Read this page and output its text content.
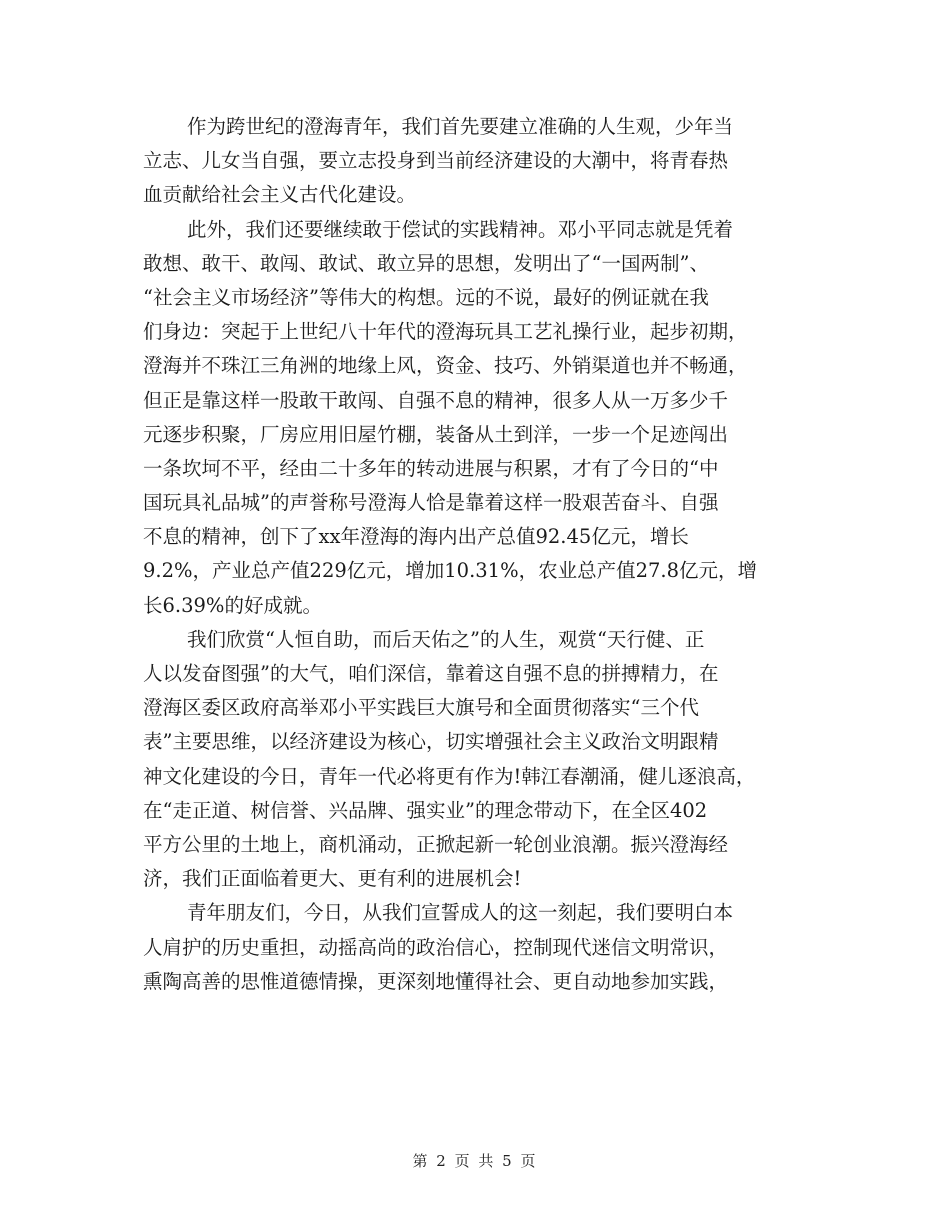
作为跨世纪的澄海青年，我们首先要建立准确的人生观，少年当
立志、儿女当自强，要立志投身到当前经济建设的大潮中，将青春热
血贡献给社会主义古代化建设。
此外，我们还要继续敢于偿试的实践精神。邓小平同志就是凭着
敢想、敢干、敢闯、敢试、敢立异的思想，发明出了“一国两制”、
“社会主义市场经济”等伟大的构想。远的不说，最好的例证就在我
们身边：突起于上世纪八十年代的澄海玩具工艺礼操行业，起步初期，
澄海并不珠江三角洲的地缘上风，资金、技巧、外销渠道也并不畅通，
但正是靠这样一股敢干敢闯、自强不息的精神，很多人从一万多少千
元逐步积聚，厂房应用旧屋竹棚，装备从土到洋，一步一个足迹闯出
一条坎坷不平，经由二十多年的转动进展与积累，才有了今日的“中
国玩具礼品城”的声誉称号澄海人恰是靠着这样一股艰苦奋斗、自强
不息的精神，创下了xx年澄海的海内出产总值92.45亿元，增长
9.2%，产业总产值229亿元，增加10.31%，农业总产值27.8亿元，增
长6.39%的好成就。
我们欣赏“人恒自助，而后天佑之”的人生，观赏“天行健、正
人以发奋图强”的大气，咱们深信，靠着这自强不息的拼搏精力，在
澄海区委区政府高举邓小平实践巨大旗号和全面贯彻落实“三个代
表”主要思维，以经济建设为核心，切实增强社会主义政治文明跟精
神文化建设的今日，青年一代必将更有作为!韩江春潮涌，健儿逐浪高，
在“走正道、树信誉、兴品牌、强实业”的理念带动下，在全区402
平方公里的土地上，商机涌动，正掀起新一轮创业浪潮。振兴澄海经
济，我们正面临着更大、更有利的进展机会!
青年朋友们，今日，从我们宣誓成人的这一刻起，我们要明白本
人肩护的历史重担，动摇高尚的政治信心，控制现代迷信文明常识，
熏陶高善的思惟道德情操，更深刻地懂得社会、更自动地参加实践，
第 2 页 共 5 页
